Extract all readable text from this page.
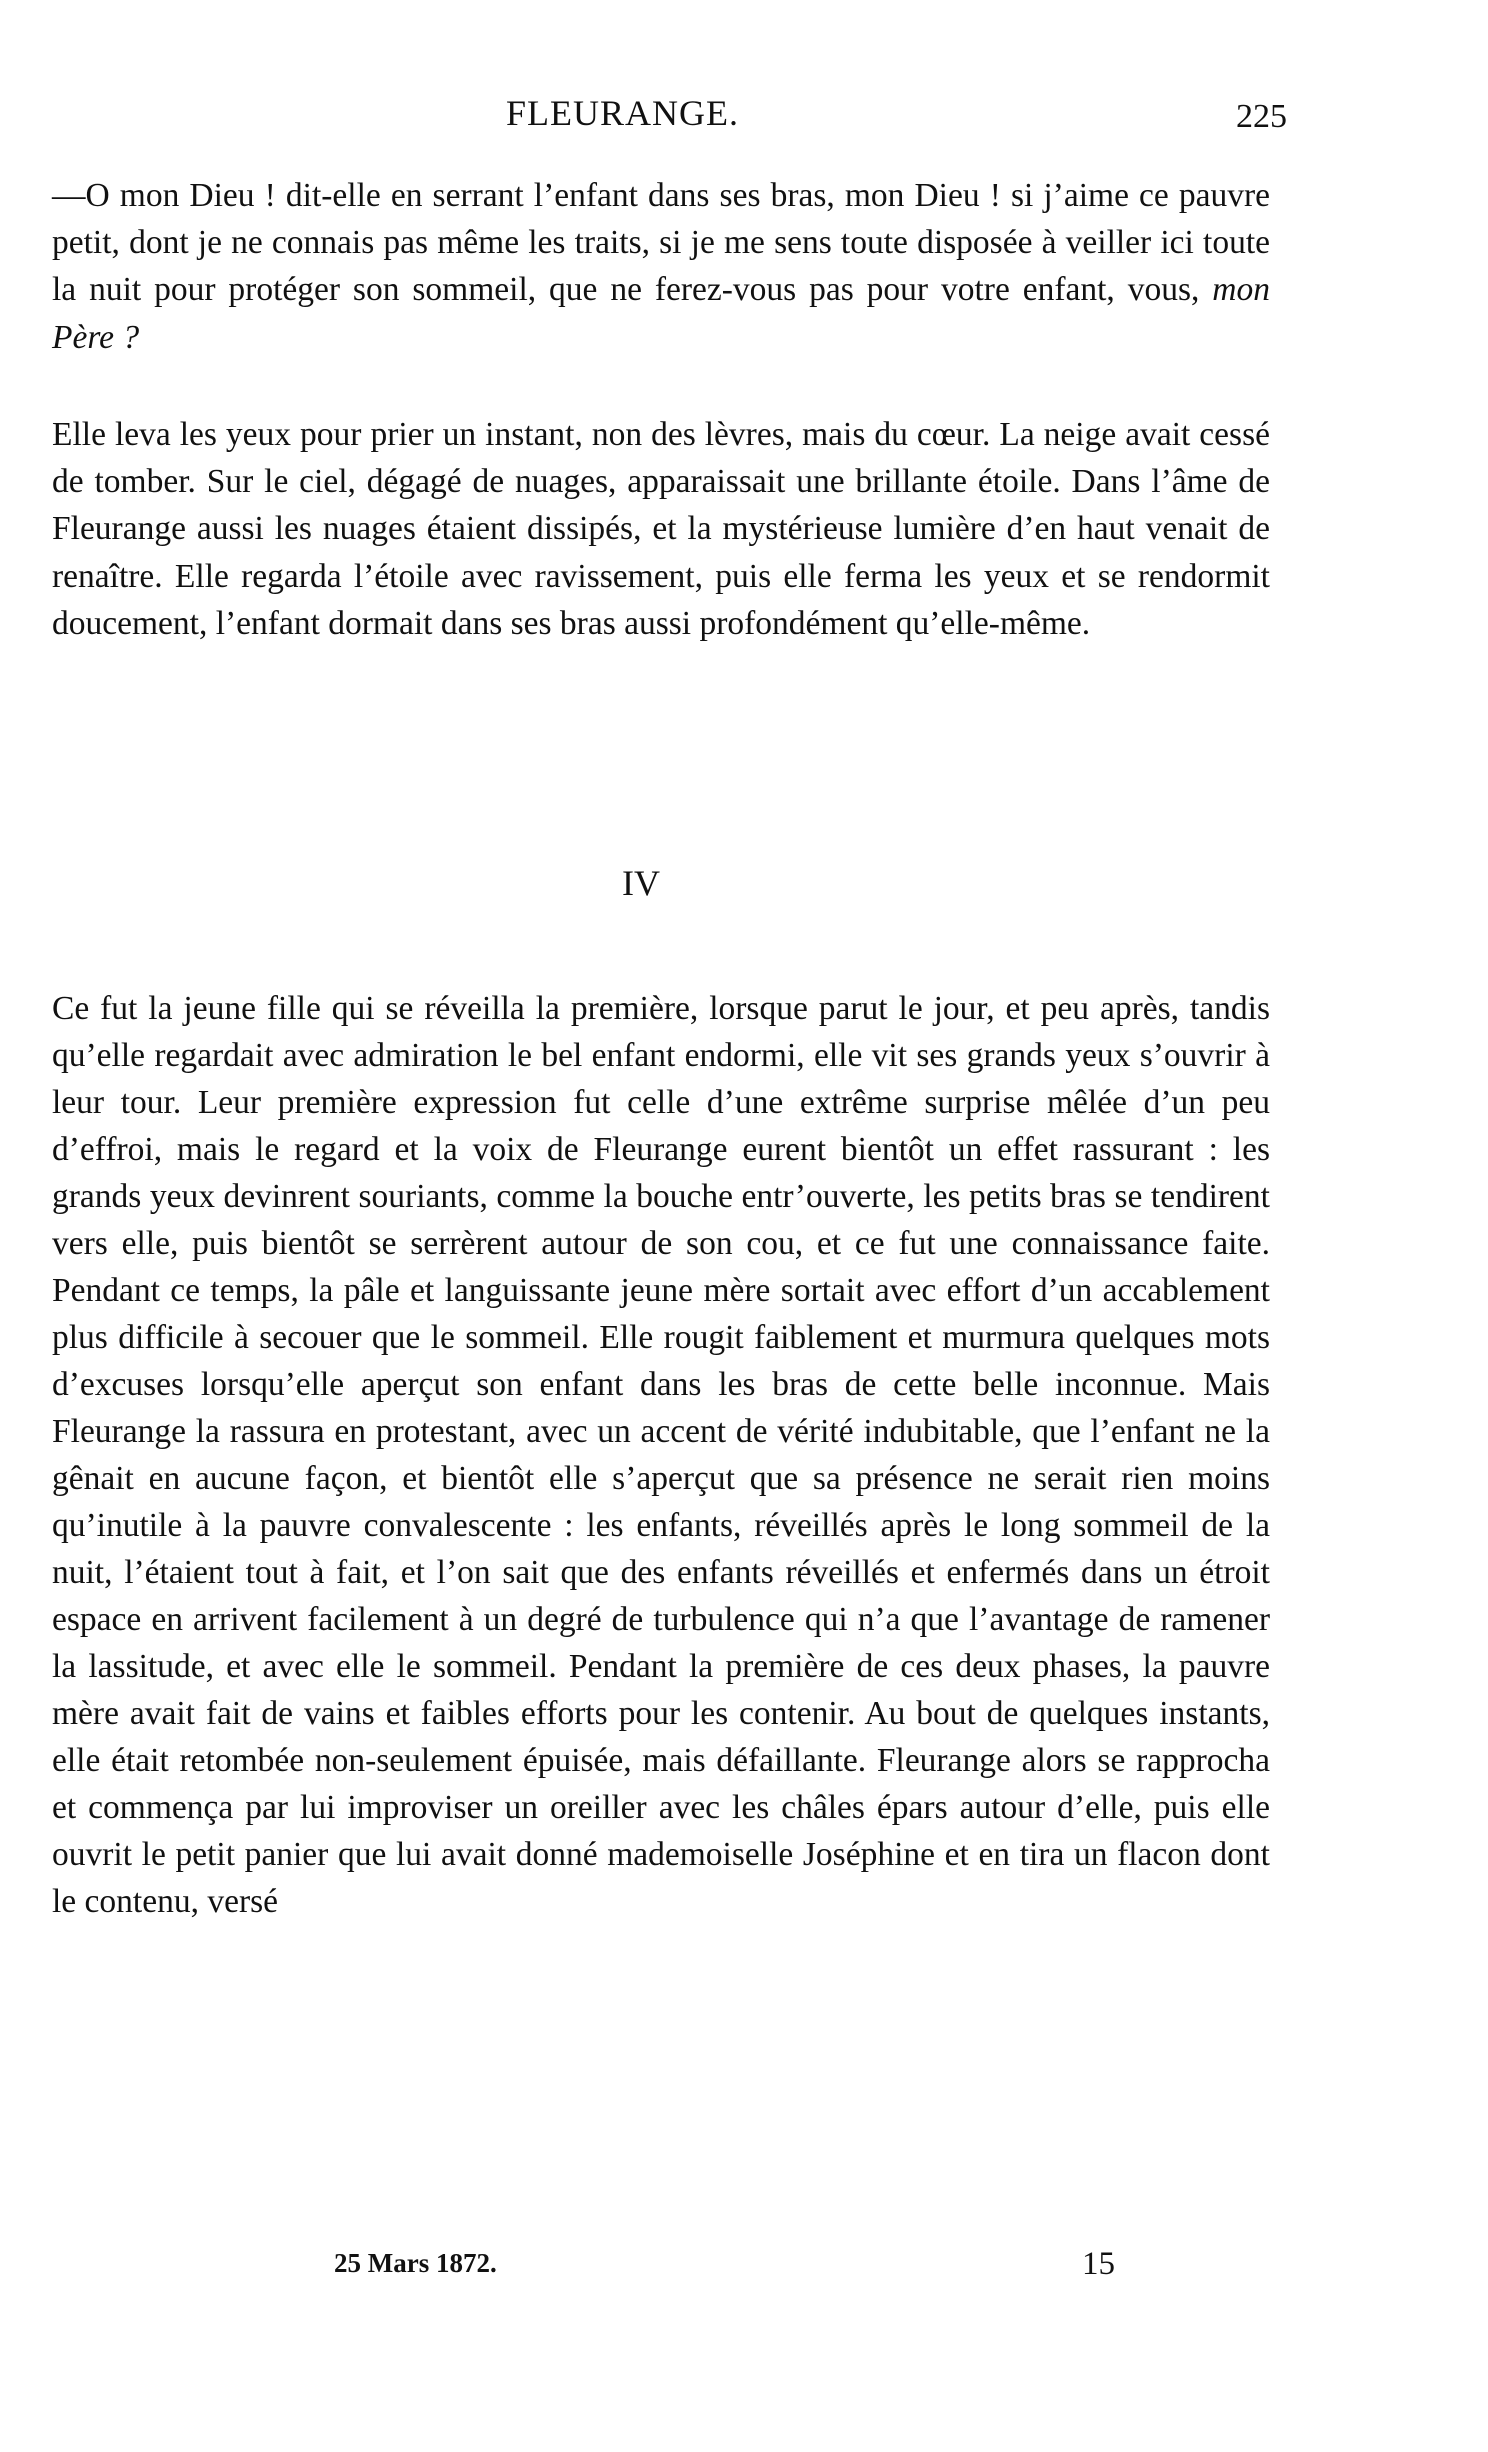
FLEURANGE.	225

—O mon Dieu ! dit-elle en serrant l’enfant dans ses bras, mon Dieu ! si j’aime ce pauvre petit, dont je ne connais pas même les traits, si je me sens toute disposée à veiller ici toute la nuit pour protéger son sommeil, que ne ferez-vous pas pour votre enfant, vous, mon Père ?

Elle leva les yeux pour prier un instant, non des lèvres, mais du cœur. La neige avait cessé de tomber. Sur le ciel, dégagé de nuages, apparaissait une brillante étoile. Dans l’âme de Fleurange aussi les nuages étaient dissipés, et la mystérieuse lumière d’en haut venait de renaître. Elle regarda l’étoile avec ravissement, puis elle ferma les yeux et se rendormit doucement, l’enfant dormait dans ses bras aussi profondément qu’elle-même.

IV

Ce fut la jeune fille qui se réveilla la première, lorsque parut le jour, et peu après, tandis qu’elle regardait avec admiration le bel enfant endormi, elle vit ses grands yeux s’ouvrir à leur tour. Leur première expression fut celle d’une extrême surprise mêlée d’un peu d’effroi, mais le regard et la voix de Fleurange eurent bientôt un effet rassurant : les grands yeux devinrent souriants, comme la bouche entr’ouverte, les petits bras se tendirent vers elle, puis bientôt se serrèrent autour de son cou, et ce fut une connaissance faite. Pendant ce temps, la pâle et languissante jeune mère sortait avec effort d’un accablement plus difficile à secouer que le sommeil. Elle rougit faiblement et murmura quelques mots d’excuses lorsqu’elle aperçut son enfant dans les bras de cette belle inconnue. Mais Fleurange la rassura en protestant, avec un accent de vérité indubitable, que l’enfant ne la gênait en aucune façon, et bientôt elle s’aperçut que sa présence ne serait rien moins qu’inutile à la pauvre convalescente : les enfants, réveillés après le long sommeil de la nuit, l’étaient tout à fait, et l’on sait que des enfants réveillés et enfermés dans un étroit espace en arrivent facilement à un degré de turbulence qui n’a que l’avantage de ramener la lassitude, et avec elle le sommeil. Pendant la première de ces deux phases, la pauvre mère avait fait de vains et faibles efforts pour les contenir. Au bout de quelques instants, elle était retombée non-seulement épuisée, mais défaillante. Fleurange alors se rapprocha et commença par lui improviser un oreiller avec les châles épars autour d’elle, puis elle ouvrit le petit panier que lui avait donné mademoiselle Joséphine et en tira un flacon dont le contenu, versé

25 Mars 1872.	15
